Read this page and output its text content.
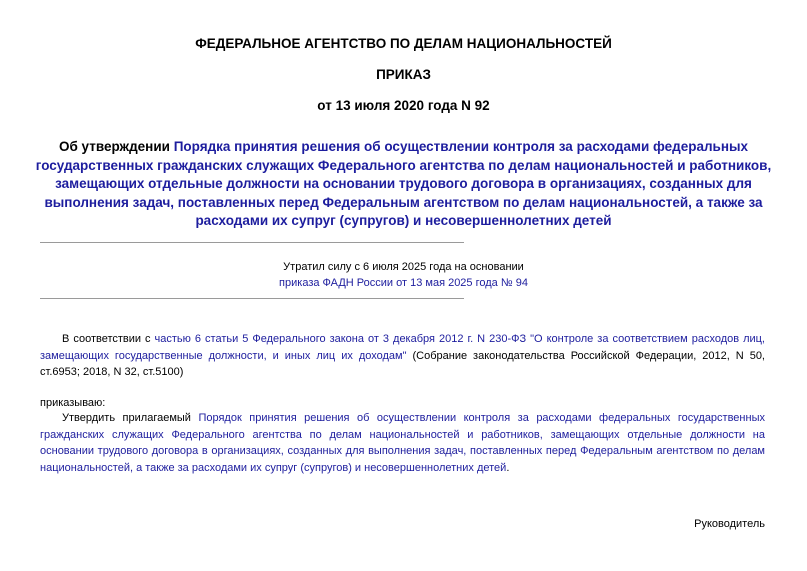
ФЕДЕРАЛЬНОЕ АГЕНТСТВО ПО ДЕЛАМ НАЦИОНАЛЬНОСТЕЙ
ПРИКАЗ
от 13 июля 2020 года N 92
Об утверждении Порядка принятия решения об осуществлении контроля за расходами федеральных государственных гражданских служащих Федерального агентства по делам национальностей и работников, замещающих отдельные должности на основании трудового договора в организациях, созданных для выполнения задач, поставленных перед Федеральным агентством по делам национальностей, а также за расходами их супруг (супругов) и несовершеннолетних детей
Утратил силу с 6 июля 2025 года на основании
приказа ФАДН России от 13 мая 2025 года № 94
В соответствии с частью 6 статьи 5 Федерального закона от 3 декабря 2012 г. N 230-ФЗ "О контроле за соответствием расходов лиц, замещающих государственные должности, и иных лиц их доходам" (Собрание законодательства Российской Федерации, 2012, N 50, ст.6953; 2018, N 32, ст.5100)
приказываю:
Утвердить прилагаемый Порядок принятия решения об осуществлении контроля за расходами федеральных государственных гражданских служащих Федерального агентства по делам национальностей и работников, замещающих отдельные должности на основании трудового договора в организациях, созданных для выполнения задач, поставленных перед Федеральным агентством по делам национальностей, а также за расходами их супруг (супругов) и несовершеннолетних детей.
Руководитель
